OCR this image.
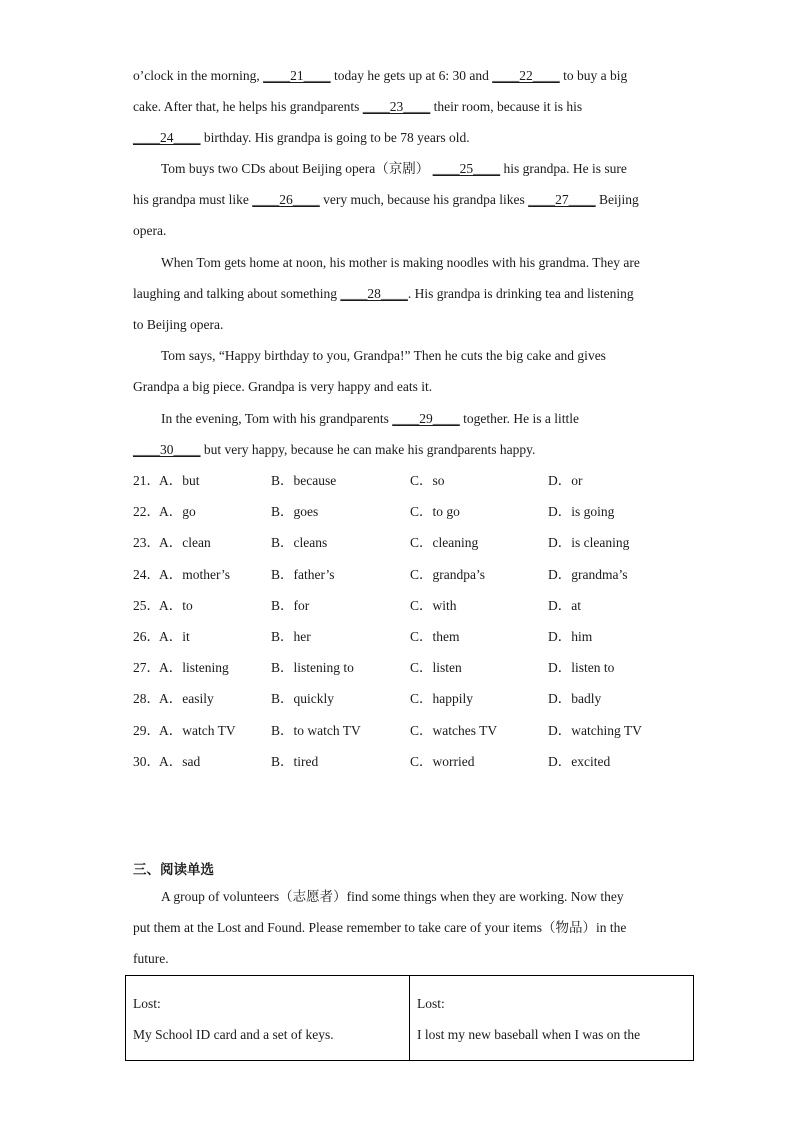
o’clock in the morning, ____21____ today he gets up at 6: 30 and ____22____ to buy a big
cake. After that, he helps his grandparents ____23____ their room, because it is his
____24____ birthday. His grandpa is going to be 78 years old.
Tom buys two CDs about Beijing opera（京剧） ____25____ his grandpa. He is sure
his grandpa must like ____26____ very much, because his grandpa likes ____27____ Beijing
opera.
When Tom gets home at noon, his mother is making noodles with his grandma. They are
laughing and talking about something ____28____. His grandpa is drinking tea and listening
to Beijing opera.
Tom says, “Happy birthday to you, Grandpa!” Then he cuts the big cake and gives
Grandpa a big piece. Grandpa is very happy and eats it.
In the evening, Tom with his grandparents ____29____ together. He is a little
____30____ but very happy, because he can make his grandparents happy.
21． A．but	B．because	C．so	D．or
22． A．go	B．goes	C．to go	D．is going
23． A．clean	B．cleans	C．cleaning	D．is cleaning
24． A．mother’s	B．father’s	C．grandpa’s	D．grandma’s
25． A．to	B．for	C．with	D．at
26． A．it	B．her	C．them	D．him
27． A．listening	B．listening to	C．listen	D．listen to
28． A．easily	B．quickly	C．happily	D．badly
29． A．watch TV	B．to watch TV	C．watches TV	D．watching TV
30． A．sad	B．tired	C．worried	D．excited
三、阅读单选
A group of volunteers（志愿者）find some things when they are working. Now they
put them at the Lost and Found. Please remember to take care of your items（物品）in the
future.
Lost:
My School ID card and a set of keys.

Lost:
I lost my new baseball when I was on the
